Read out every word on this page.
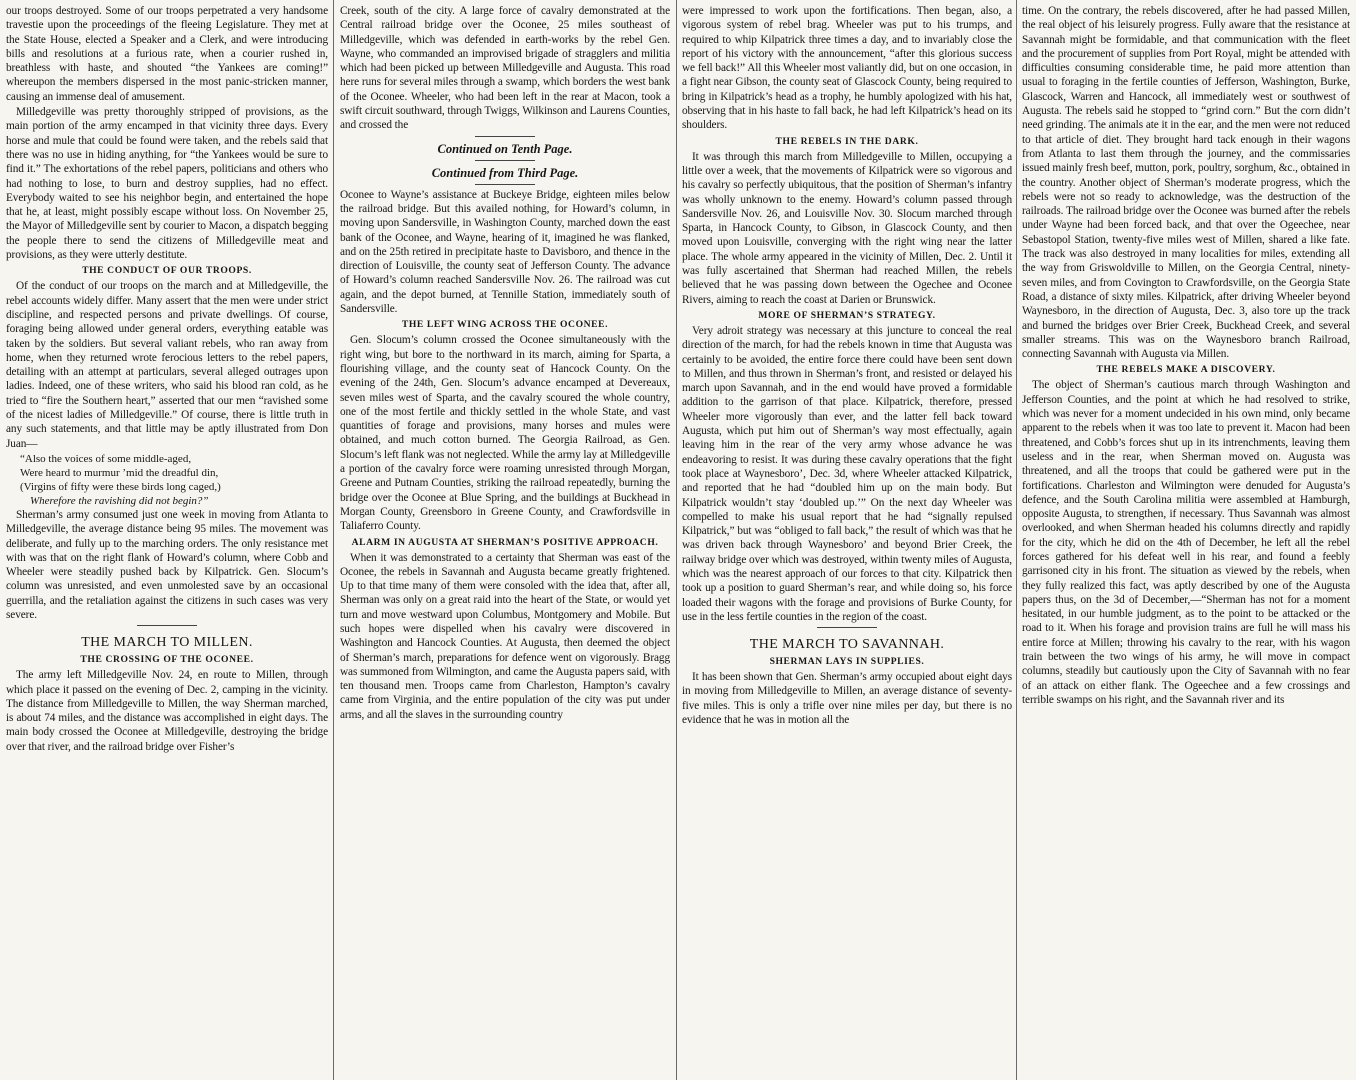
our troops destroyed. Some of our troops perpetrated a very handsome travestie upon the proceedings of the fleeing Legislature. They met at the State House, elected a Speaker and a Clerk, and were introducing bills and resolutions at a furious rate, when a courier rushed in, breathless with haste, and shouted “the Yankees are coming!” whereupon the members dispersed in the most panic-stricken manner, causing an immense deal of amusement.

Milledgeville was pretty thoroughly stripped of provisions, as the main portion of the army encamped in that vicinity three days. Every horse and mule that could be found were taken, and the rebels said that there was no use in hiding anything, for “the Yankees would be sure to find it.” The exhortations of the rebel papers, politicians and others who had nothing to lose, to burn and destroy supplies, had no effect. Everybody waited to see his neighbor begin, and entertained the hope that he, at least, might possibly escape without loss. On November 25, the Mayor of Milledgeville sent by courier to Macon, a dispatch begging the people there to send the citizens of Milledgeville meat and provisions, as they were utterly destitute.

THE CONDUCT OF OUR TROOPS.

Of the conduct of our troops on the march and at Milledgeville, the rebel accounts widely differ. Many assert that the men were under strict discipline, and respected persons and private dwellings. Of course, foraging being allowed under general orders, everything eatable was taken by the soldiers. But several valiant rebels, who ran away from home, when they returned wrote ferocious letters to the rebel papers, detailing with an attempt at particulars, several alleged outrages upon ladies. Indeed, one of these writers, who said his blood ran cold, as he tried to “fire the Southern heart,” asserted that our men “ravished some of the nicest ladies of Milledgeville.” Of course, there is little truth in any such statements, and that little may be aptly illustrated from Don Juan—

“Also the voices of some middle-aged,
Were heard to murmur ’mid the dreadful din,
(Virgins of fifty were these birds long caged,)
Wherefore the ravishing did not begin?”

Sherman’s army consumed just one week in moving from Atlanta to Milledgeville, the average distance being 95 miles. The movement was deliberate, and fully up to the marching orders. The only resistance met with was that on the right flank of Howard’s column, where Cobb and Wheeler were steadily pushed back by Kilpatrick. Gen. Slocum’s column was unresisted, and even unmolested save by an occasional guerrilla, and the retaliation against the citizens in such cases was very severe.

THE MARCH TO MILLEN.
THE CROSSING OF THE OCONEE.

The army left Milledgeville Nov. 24, en route to Millen, through which place it passed on the evening of Dec. 2, camping in the vicinity. The distance from Milledgeville to Millen, the way Sherman marched, is about 74 miles, and the distance was accomplished in eight days. The main body crossed the Oconee at Milledgeville, destroying the bridge over that river, and the railroad bridge over Fisher’s

Creek, south of the city. A large force of cavalry demonstrated at the Central railroad bridge over the Oconee, 25 miles southeast of Milledgeville, which was defended in earth-works by the rebel Gen. Wayne, who commanded an improvised brigade of stragglers and militia which had been picked up between Milledgeville and Augusta. This road here runs for several miles through a swamp, which borders the west bank of the Oconee. Wheeler, who had been left in the rear at Macon, took a swift circuit southward, through Twiggs, Wilkinson and Laurens Counties, and crossed the

Continued on Tenth Page.
Continued from Third Page.

Oconee to Wayne’s assistance at Buckeye Bridge, eighteen miles below the railroad bridge. But this availed nothing, for Howard’s column, in moving upon Sandersville, in Washington County, marched down the east bank of the Oconee, and Wayne, hearing of it, imagined he was flanked, and on the 25th retired in precipitate haste to Davisboro, and thence in the direction of Louisville, the county seat of Jefferson County. The advance of Howard’s column reached Sandersville Nov. 26. The railroad was cut again, and the depot burned, at Tennille Station, immediately south of Sandersville.

THE LEFT WING ACROSS THE OCONEE.

Gen. Slocum’s column crossed the Oconee simultaneously with the right wing, but bore to the northward in its march, aiming for Sparta, a flourishing village, and the county seat of Hancock County. On the evening of the 24th, Gen. Slocum’s advance encamped at Devereaux, seven miles west of Sparta, and the cavalry scoured the whole country, one of the most fertile and thickly settled in the whole State, and vast quantities of forage and provisions, many horses and mules were obtained, and much cotton burned. The Georgia Railroad, as Gen. Slocum’s left flank was not neglected. While the army lay at Milledgeville a portion of the cavalry force were roaming unresisted through Morgan, Greene and Putnam Counties, striking the railroad repeatedly, burning the bridge over the Oconee at Blue Spring, and the buildings at Buckhead in Morgan County, Greensboro in Greene County, and Crawfordsville in Taliaferro County.

ALARM IN AUGUSTA AT SHERMAN’S POSITIVE APPROACH.

When it was demonstrated to a certainty that Sherman was east of the Oconee, the rebels in Savannah and Augusta became greatly frightened. Up to that time many of them were consoled with the idea that, after all, Sherman was only on a great raid into the heart of the State, or would yet turn and move westward upon Columbus, Montgomery and Mobile. But such hopes were dispelled when his cavalry were discovered in Washington and Hancock Counties. At Augusta, then deemed the object of Sherman’s march, preparations for defence went on vigorously. Bragg was summoned from Wilmington, and came the Augusta papers said, with ten thousand men. Troops came from Charleston, Hampton’s cavalry came from Virginia, and the entire population of the city was put under arms, and all the slaves in the surrounding country

were impressed to work upon the fortifications. Then began, also, a vigorous system of rebel brag. Wheeler was put to his trumps, and required to whip Kilpatrick three times a day, and to invariably close the report of his victory with the announcement, “after this glorious success we fell back!” All this Wheeler most valiantly did, but on one occasion, in a fight near Gibson, the county seat of Glascock County, being required to bring in Kilpatrick’s head as a trophy, he humbly apologized with his hat, observing that in his haste to fall back, he had left Kilpatrick’s head on its shoulders.

THE REBELS IN THE DARK.

It was through this march from Milledgeville to Millen, occupying a little over a week, that the movements of Kilpatrick were so vigorous and his cavalry so perfectly ubiquitous, that the position of Sherman’s infantry was wholly unknown to the enemy. Howard’s column passed through Sandersville Nov. 26, and Louisville Nov. 30. Slocum marched through Sparta, in Hancock County, to Gibson, in Glascock County, and then moved upon Louisville, converging with the right wing near the latter place. The whole army appeared in the vicinity of Millen, Dec. 2. Until it was fully ascertained that Sherman had reached Millen, the rebels believed that he was passing down between the Ogechee and Oconee Rivers, aiming to reach the coast at Darien or Brunswick.

MORE OF SHERMAN’S STRATEGY.

Very adroit strategy was necessary at this juncture to conceal the real direction of the march, for had the rebels known in time that Augusta was certainly to be avoided, the entire force there could have been sent down to Millen, and thus thrown in Sherman’s front, and resisted or delayed his march upon Savannah, and in the end would have proved a formidable addition to the garrison of that place. Kilpatrick, therefore, pressed Wheeler more vigorously than ever, and the latter fell back toward Augusta, which put him out of Sherman’s way most effectually, again leaving him in the rear of the very army whose advance he was endeavoring to resist. It was during these cavalry operations that the fight took place at Waynesboro’, Dec. 3d, where Wheeler attacked Kilpatrick, and reported that he had “doubled him up on the main body. But Kilpatrick wouldn’t stay ‘doubled up.’” On the next day Wheeler was compelled to make his usual report that he had “signally repulsed Kilpatrick,” but was “obliged to fall back,” the result of which was that he was driven back through Waynesboro’ and beyond Brier Creek, the railway bridge over which was destroyed, within twenty miles of Augusta, which was the nearest approach of our forces to that city. Kilpatrick then took up a position to guard Sherman’s rear, and while doing so, his force loaded their wagons with the forage and provisions of Burke County, for use in the less fertile counties in the region of the coast.

THE MARCH TO SAVANNAH.
SHERMAN LAYS IN SUPPLIES.

It has been shown that Gen. Sherman’s army occupied about eight days in moving from Milledgeville to Millen, an average distance of seventy-five miles. This is only a trifle over nine miles per day, but there is no evidence that he was in motion all the

time. On the contrary, the rebels discovered, after he had passed Millen, the real object of his leisurely progress. Fully aware that the resistance at Savannah might be formidable, and that communication with the fleet and the procurement of supplies from Port Royal, might be attended with difficulties consuming considerable time, he paid more attention than usual to foraging in the fertile counties of Jefferson, Washington, Burke, Glascock, Warren and Hancock, all immediately west or southwest of Augusta. The rebels said he stopped to “grind corn.” But the corn didn’t need grinding. The animals ate it in the ear, and the men were not reduced to that article of diet. They brought hard tack enough in their wagons from Atlanta to last them through the journey, and the commissaries issued mainly fresh beef, mutton, pork, poultry, sorghum, &c., obtained in the country. Another object of Sherman’s moderate progress, which the rebels were not so ready to acknowledge, was the destruction of the railroads. The railroad bridge over the Oconee was burned after the rebels under Wayne had been forced back, and that over the Ogeechee, near Sebastopol Station, twenty-five miles west of Millen, shared a like fate. The track was also destroyed in many localities for miles, extending all the way from Griswoldville to Millen, on the Georgia Central, ninety-seven miles, and from Covington to Crawfordsville, on the Georgia State Road, a distance of sixty miles. Kilpatrick, after driving Wheeler beyond Waynesboro, in the direction of Augusta, Dec. 3, also tore up the track and burned the bridges over Brier Creek, Buckhead Creek, and several smaller streams. This was on the Waynesboro branch Railroad, connecting Savannah with Augusta via Millen.

THE REBELS MAKE A DISCOVERY.

The object of Sherman’s cautious march through Washington and Jefferson Counties, and the point at which he had resolved to strike, which was never for a moment undecided in his own mind, only became apparent to the rebels when it was too late to prevent it. Macon had been threatened, and Cobb’s forces shut up in its intrenchments, leaving them useless and in the rear, when Sherman moved on. Augusta was threatened, and all the troops that could be gathered were put in the fortifications. Charleston and Wilmington were denuded for Augusta’s defence, and the South Carolina militia were assembled at Hamburgh, opposite Augusta, to strengthen, if necessary. Thus Savannah was almost overlooked, and when Sherman headed his columns directly and rapidly for the city, which he did on the 4th of December, he left all the rebel forces gathered for his defeat well in his rear, and found a feebly garrisoned city in his front. The situation as viewed by the rebels, when they fully realized this fact, was aptly described by one of the Augusta papers thus, on the 3d of December,—“Sherman has not for a moment hesitated, in our humble judgment, as to the point to be attacked or the road to it. When his forage and provision trains are full he will mass his entire force at Millen; throwing his cavalry to the rear, with his wagon train between the two wings of his army, he will move in compact columns, steadily but cautiously upon the City of Savannah with no fear of an attack on either flank. The Ogeechee and a few crossings and terrible swamps on his right, and the Savannah river and its
